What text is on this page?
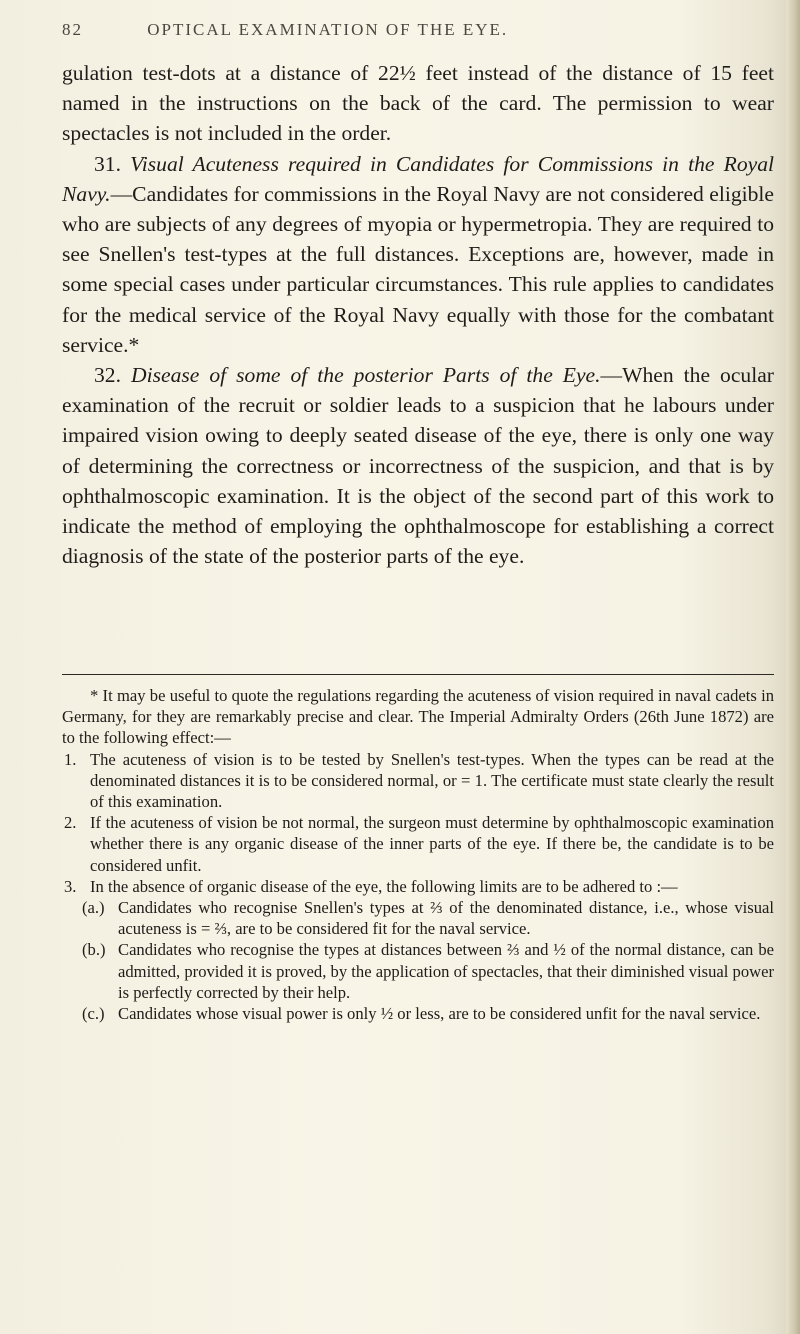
82	OPTICAL EXAMINATION OF THE EYE.

gulation test-dots at a distance of 22½ feet instead of the distance of 15 feet named in the instructions on the back of the card. The permission to wear spectacles is not included in the order.

31. Visual Acuteness required in Candidates for Commissions in the Royal Navy.—Candidates for commissions in the Royal Navy are not considered eligible who are subjects of any degrees of myopia or hypermetropia. They are required to see Snellen's test-types at the full distances. Exceptions are, however, made in some special cases under particular circumstances. This rule applies to candidates for the medical service of the Royal Navy equally with those for the combatant service.*

32. Disease of some of the posterior Parts of the Eye.—When the ocular examination of the recruit or soldier leads to a suspicion that he labours under impaired vision owing to deeply seated disease of the eye, there is only one way of determining the correctness or incorrectness of the suspicion, and that is by ophthalmoscopic examination. It is the object of the second part of this work to indicate the method of employing the ophthalmoscope for establishing a correct diagnosis of the state of the posterior parts of the eye.

* It may be useful to quote the regulations regarding the acuteness of vision required in naval cadets in Germany, for they are remarkably precise and clear. The Imperial Admiralty Orders (26th June 1872) are to the following effect:—

1. The acuteness of vision is to be tested by Snellen's test-types. When the types can be read at the denominated distances it is to be considered normal, or = 1. The certificate must state clearly the result of this examination.
2. If the acuteness of vision be not normal, the surgeon must determine by ophthalmoscopic examination whether there is any organic disease of the inner parts of the eye. If there be, the candidate is to be considered unfit.
3. In the absence of organic disease of the eye, the following limits are to be adhered to :—
(a.) Candidates who recognise Snellen's types at ⅔ of the denominated distance, i.e., whose visual acuteness is = ⅔, are to be considered fit for the naval service.
(b.) Candidates who recognise the types at distances between ⅔ and ½ of the normal distance, can be admitted, provided it is proved, by the application of spectacles, that their diminished visual power is perfectly corrected by their help.
(c.) Candidates whose visual power is only ½ or less, are to be considered unfit for the naval service.
